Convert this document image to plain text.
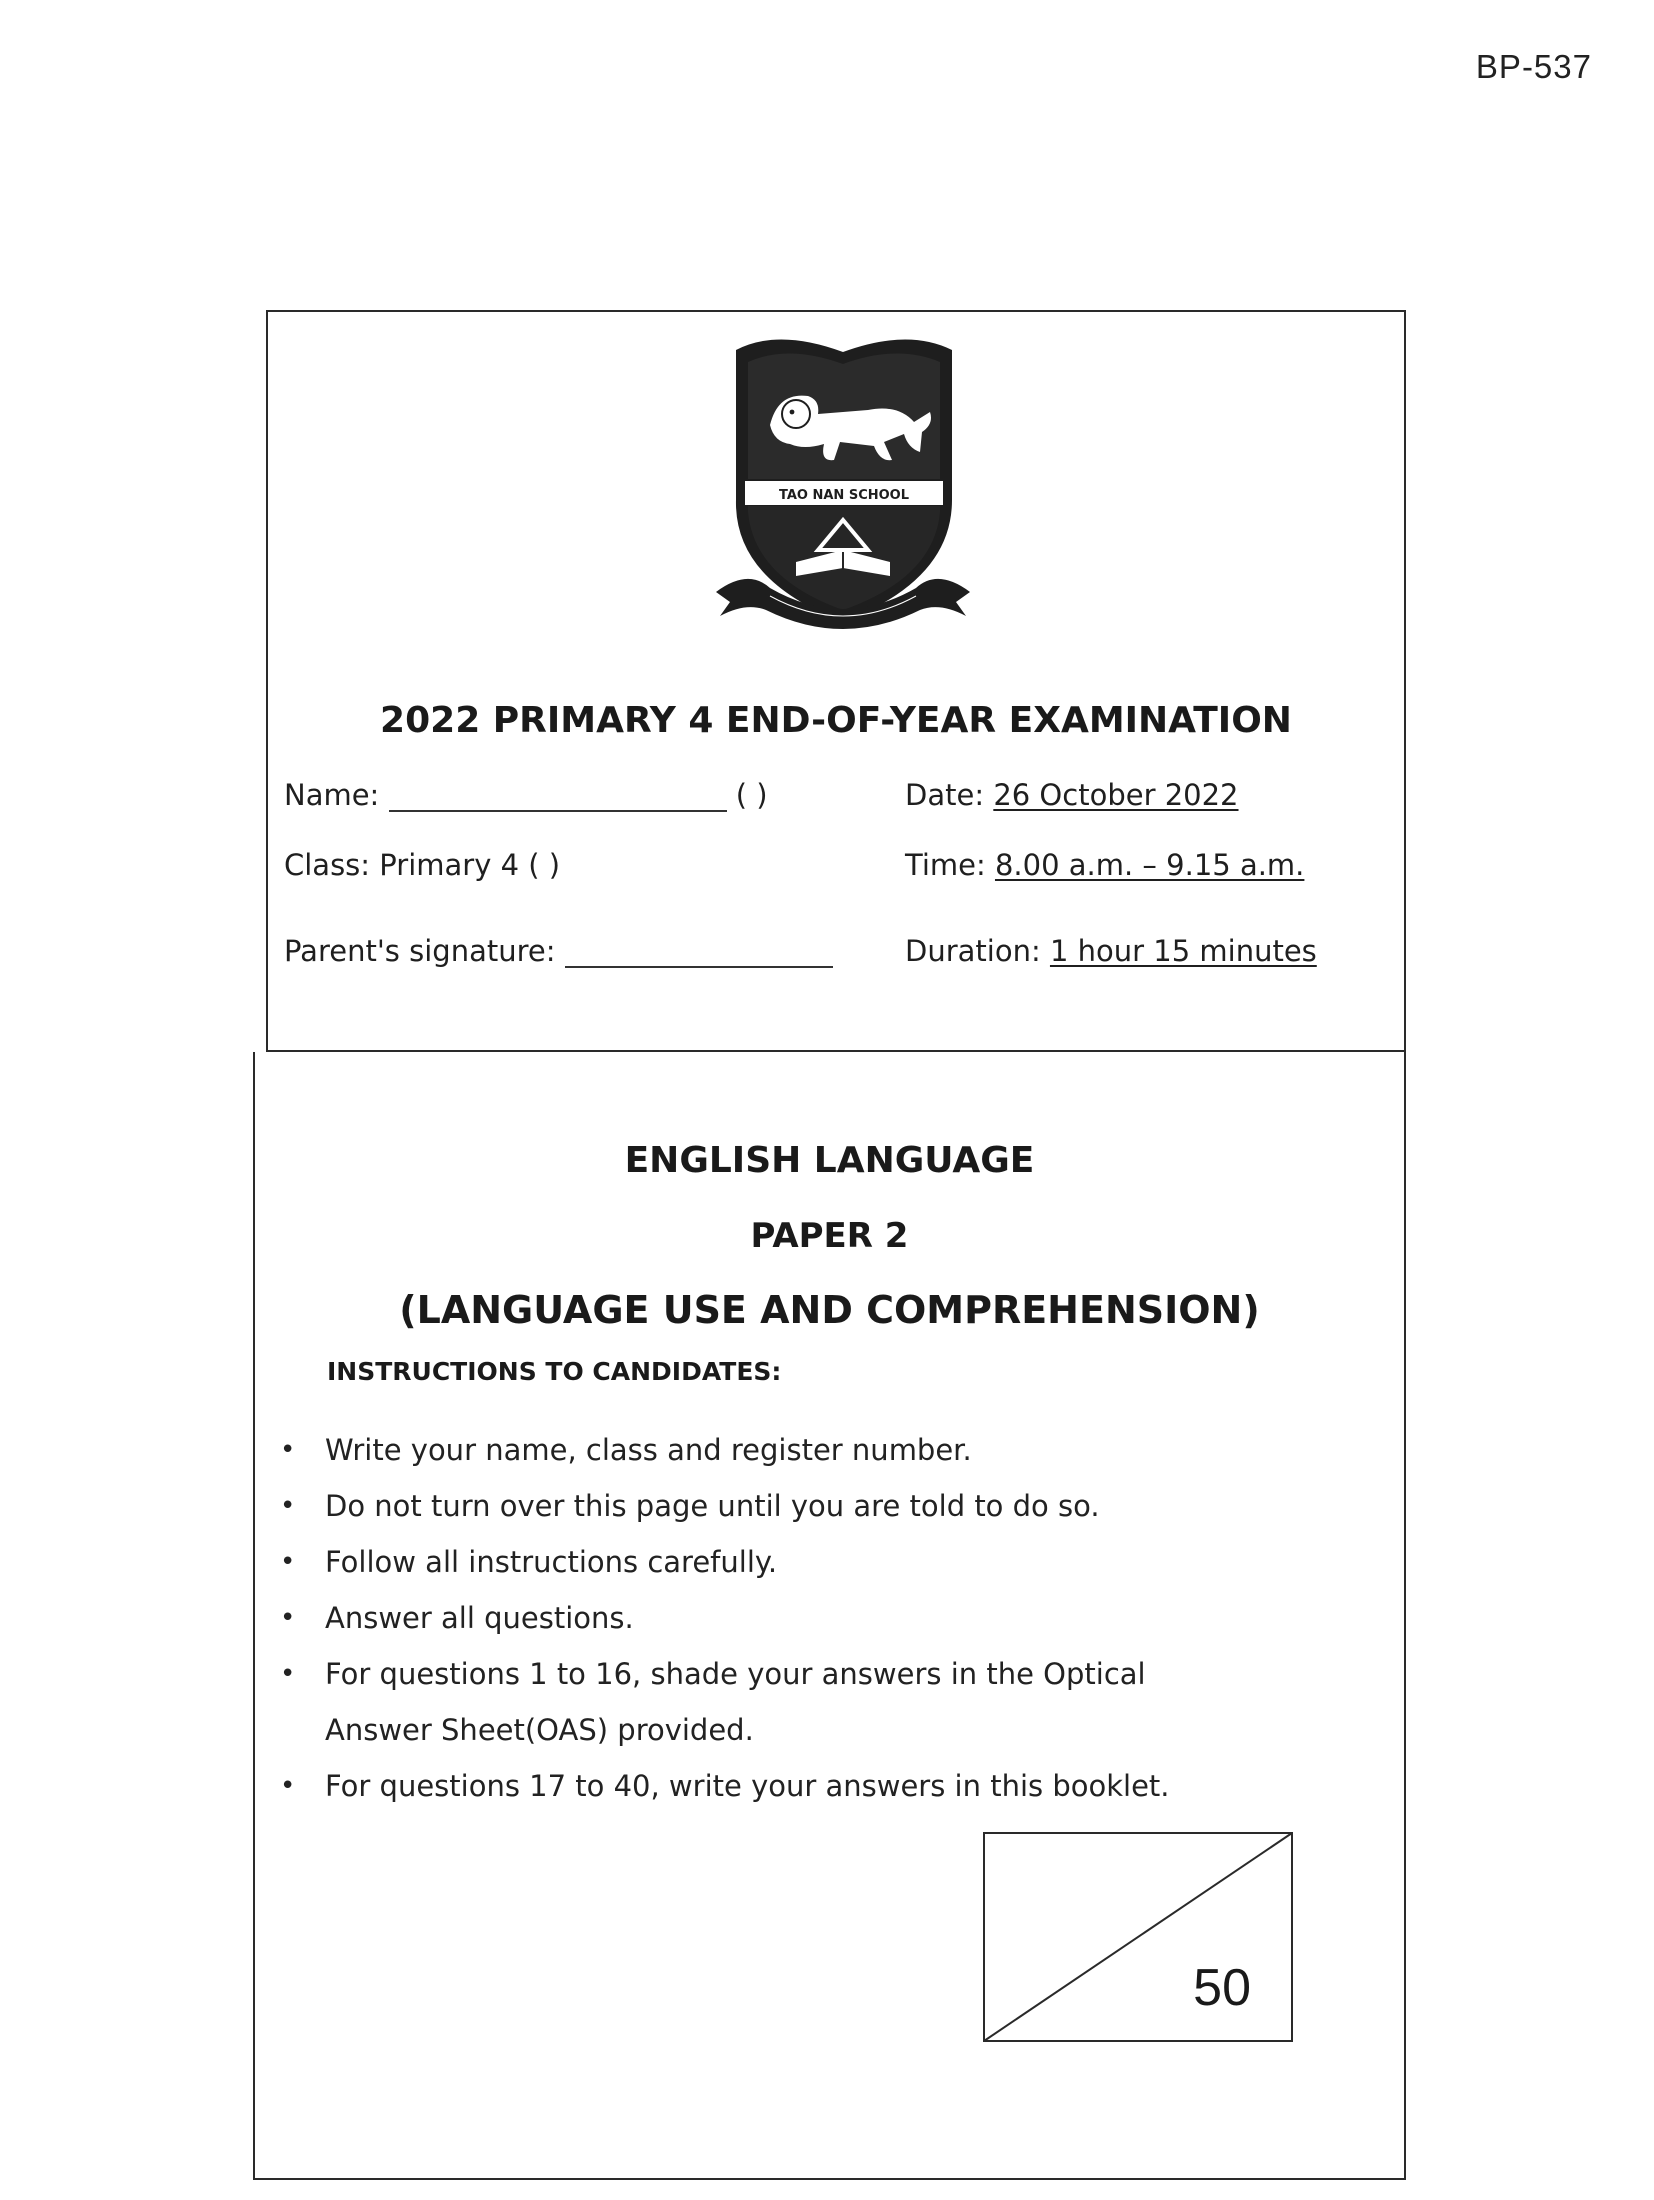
BP-537
TAO NAN SCHOOL
2022 PRIMARY 4 END-OF-YEAR EXAMINATION
Name:	( )
Class: Primary 4 ( )
Parent's signature:
Date: 26 October 2022
Time: 8.00 a.m. – 9.15 a.m.
Duration: 1 hour 15 minutes
ENGLISH LANGUAGE
PAPER 2
(LANGUAGE USE AND COMPREHENSION)
INSTRUCTIONS TO CANDIDATES:
• Write your name, class and register number.
• Do not turn over this page until you are told to do so.
• Follow all instructions carefully.
• Answer all questions.
• For questions 1 to 16, shade your answers in the Optical Answer Sheet(OAS) provided.
• For questions 17 to 40, write your answers in this booklet.
50
